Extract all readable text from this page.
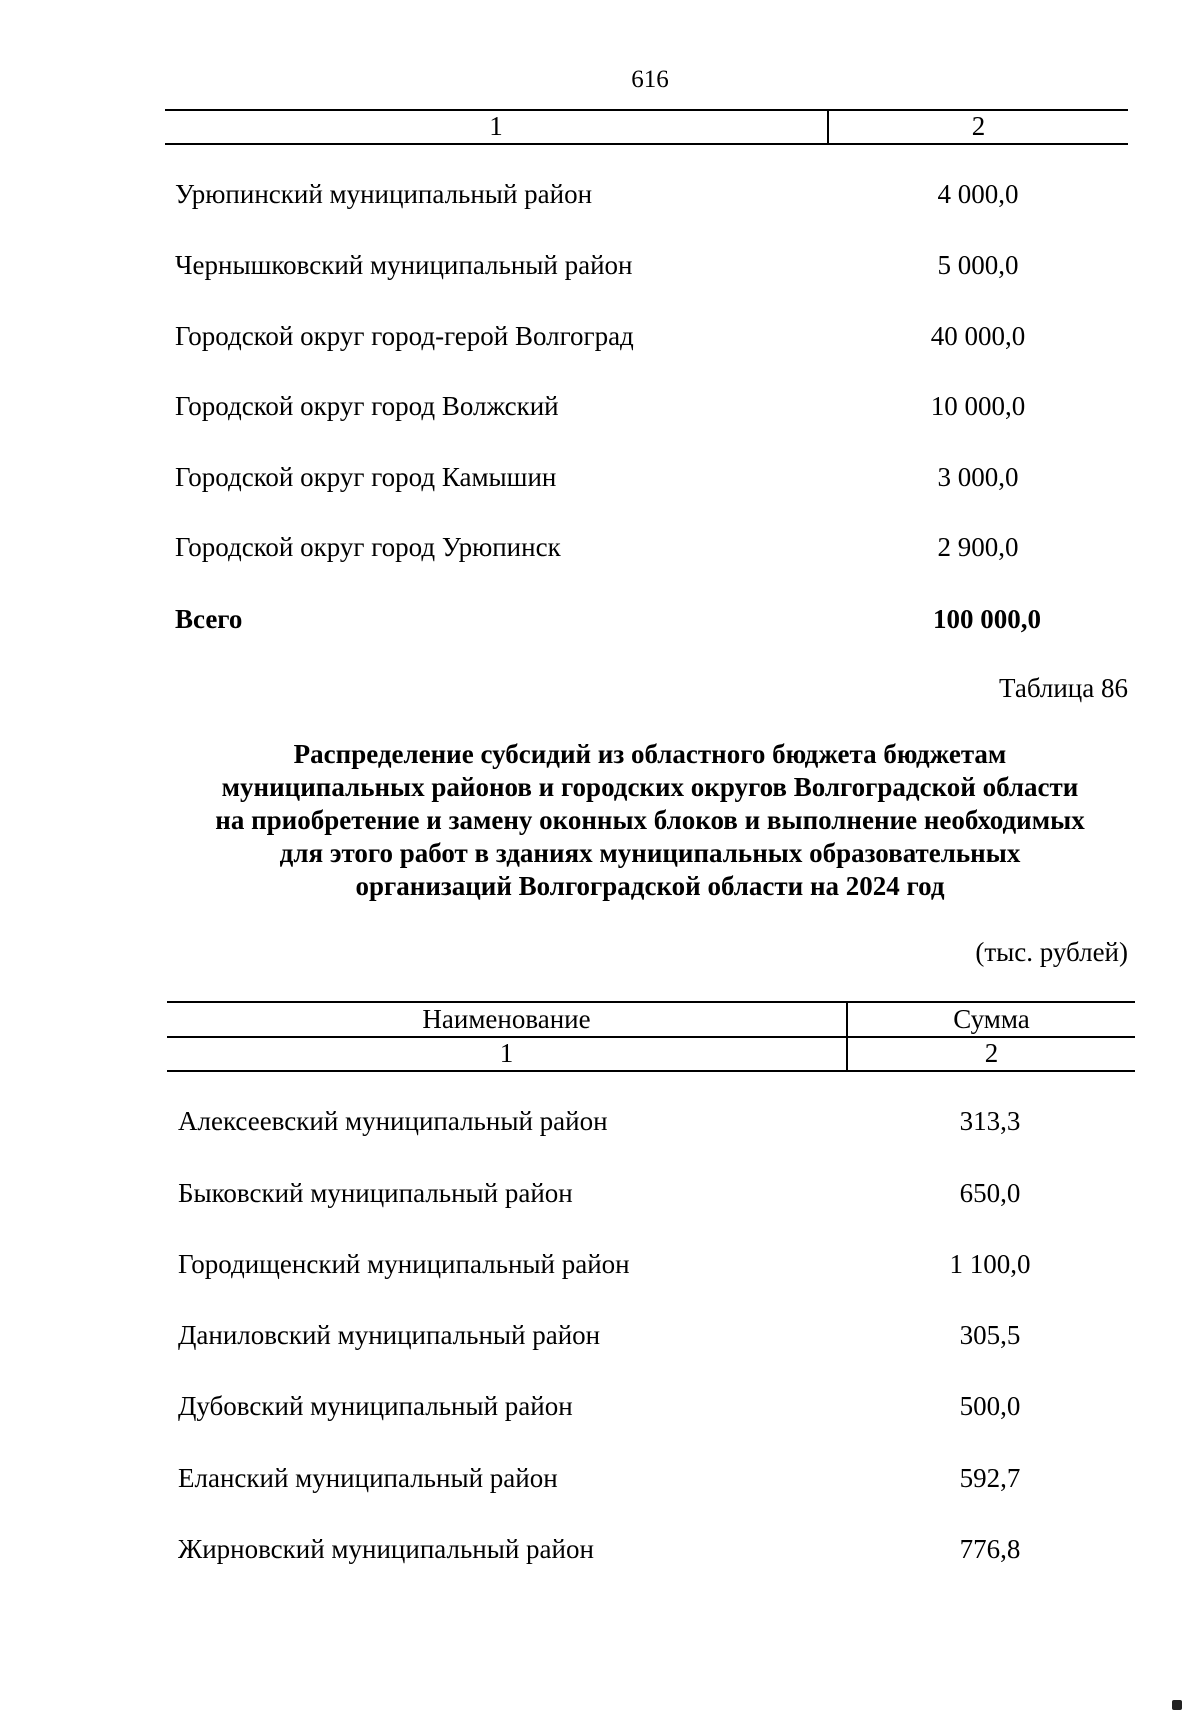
616
1	2
Урюпинский муниципальный район	4 000,0
Чернышковский муниципальный район	5 000,0
Городской округ город-герой Волгоград	40 000,0
Городской округ город Волжский	10 000,0
Городской округ город Камышин	3 000,0
Городской округ город Урюпинск	2 900,0
Всего	100 000,0
Таблица 86
Распределение субсидий из областного бюджета бюджетам
муниципальных районов и городских округов Волгоградской области
на приобретение и замену оконных блоков и выполнение необходимых
для этого работ в зданиях муниципальных образовательных
организаций Волгоградской области на 2024 год
(тыс. рублей)
Наименование	Сумма
1	2
Алексеевский муниципальный район	313,3
Быковский муниципальный район	650,0
Городищенский муниципальный район	1 100,0
Даниловский муниципальный район	305,5
Дубовский муниципальный район	500,0
Еланский муниципальный район	592,7
Жирновский муниципальный район	776,8
